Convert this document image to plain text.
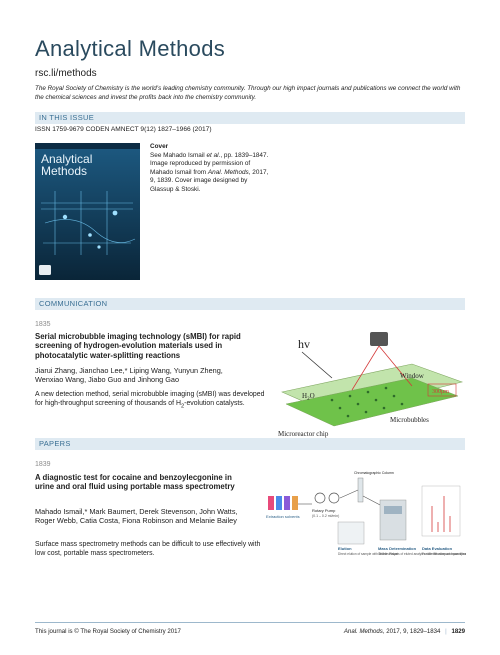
Analytical Methods

rsc.li/methods

The Royal Society of Chemistry is the world’s leading chemistry community. Through our high impact journals and publications we connect the world with the chemical sciences and invest the profits back into the chemistry community.

IN THIS ISSUE
ISSN 1759-9679 CODEN AMNECT 9(12) 1827–1966 (2017)
Analytical
Methods
Cover
See Mahado Ismail et al., pp. 1839–1847.
Image reproduced by permission of Mahado Ismail from Anal. Methods, 2017, 9, 1839. Cover image designed by Glassup & Stoski.
COMMUNICATION
1835
Serial microbubble imaging technology (sMBI) for rapid screening of hydrogen-evolution materials used in photocatalytic water-splitting reactions
Jiarui Zhang, Jianchao Lee,* Liping Wang, Yunyun Zheng, Wenxiao Wang, Jiabo Guo and Jinhong Gao
A new detection method, serial microbubble imaging (sMBI) was developed for high-throughput screening of thousands of $H_2$-evolution catalysts.
hv
Window
300μm
$H_2O$
Microbubbles
Microreactor chip
PAPERS
1839
A diagnostic test for cocaine and benzoylecgonine in urine and oral fluid using portable mass spectrometry
Mahado Ismail,* Mark Baumert, Derek Stevenson, John Watts, Roger Webb, Catia Costa, Fiona Robinson and Melanie Bailey
Surface mass spectrometry methods can be difficult to use effectively with low cost, portable mass spectrometers.
Extraction solvents
Rotary Pump
(0.1 – 0.2 ml/min)
Chromatographic Column
Elution
Direct elution of sample with Mobile Phase
Mass Determination
Online analysis of eluted analytes with the compact mass spe
Data Evaluation
For identification and quantifica
This journal is © The Royal Society of Chemistry 2017	Anal. Methods, 2017, 9, 1829–1834 | 1829
